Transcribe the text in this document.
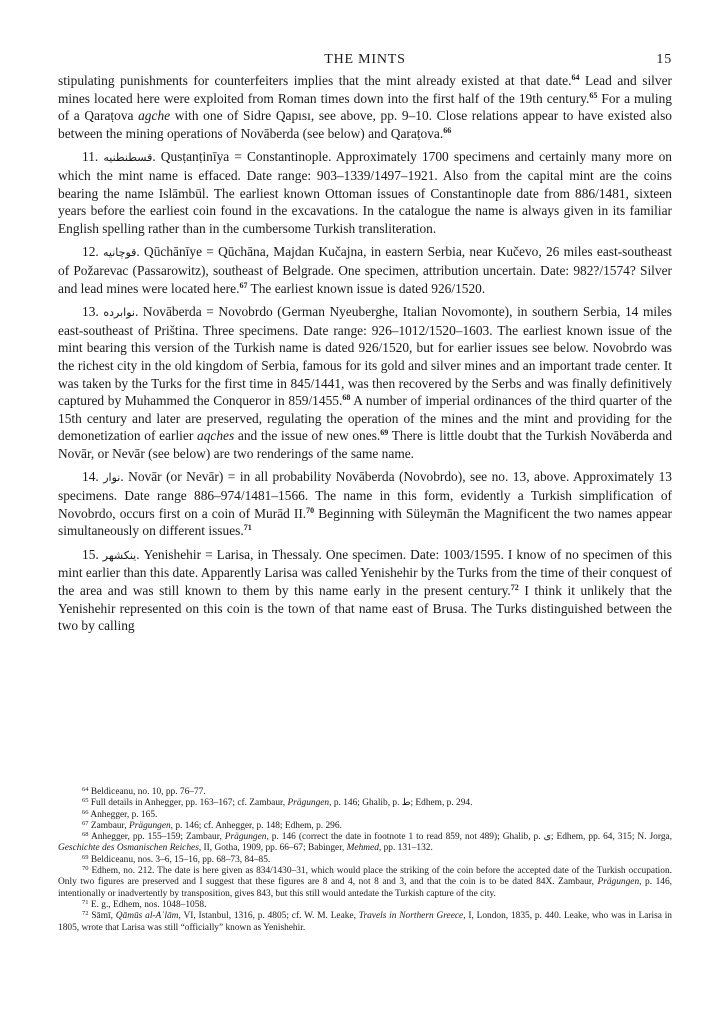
THE MINTS	15

stipulating punishments for counterfeiters implies that the mint already existed at that date.$^{64}$ Lead and silver mines located here were exploited from Roman times down into the first half of the 19th century.$^{65}$ For a muling of a Qaraṭova agche with one of Sidre Qapısı, see above, pp. 9–10. Close relations appear to have existed also between the mining operations of Novāberda (see below) and Qaraṭova.$^{66}$

11. قسطنطنيه. Qusṭanṭinīya = Constantinople. Approximately 1700 specimens and certainly many more on which the mint name is effaced. Date range: 903–1339/1497–1921. Also from the capital mint are the coins bearing the name Islāmbūl. The earliest known Ottoman issues of Constantinople date from 886/1481, sixteen years before the earliest coin found in the excavations. In the catalogue the name is always given in its familiar English spelling rather than in the cumbersome Turkish transliteration.

12. قوچانيه. Qūchānīye = Qūchāna, Majdan Kučajna, in eastern Serbia, near Kučevo, 26 miles east-southeast of Požarevac (Passarowitz), southeast of Belgrade. One specimen, attribution uncertain. Date: 982?/1574? Silver and lead mines were located here.$^{67}$ The earliest known issue is dated 926/1520.

13. نوابرده. Novāberda = Novobrdo (German Nyeuberghe, Italian Novomonte), in southern Serbia, 14 miles east-southeast of Priština. Three specimens. Date range: 926–1012/1520–1603. The earliest known issue of the mint bearing this version of the Turkish name is dated 926/1520, but for earlier issues see below. Novobrdo was the richest city in the old kingdom of Serbia, famous for its gold and silver mines and an important trade center. It was taken by the Turks for the first time in 845/1441, was then recovered by the Serbs and was finally definitively captured by Muhammed the Conqueror in 859/1455.68 A number of imperial ordinances of the third quarter of the 15th century and later are preserved, regulating the operation of the mines and the mint and providing for the demonetization of earlier aqches and the issue of new ones.$^{69}$ There is little doubt that the Turkish Novāberda and Novār, or Nevār (see below) are two renderings of the same name.

14. نوار. Novār (or Nevār) = in all probability Novāberda (Novobrdo), see no. 13, above. Approximately 13 specimens. Date range 886–974/1481–1566. The name in this form, evidently a Turkish simplification of Novobrdo, occurs first on a coin of Murād II.$^{70}$ Beginning with Süleymān the Magnificent the two names appear simultaneously on different issues.$^{71}$

15. ينكشهر. Yenishehir = Larisa, in Thessaly. One specimen. Date: 1003/1595. I know of no specimen of this mint earlier than this date. Apparently Larisa was called Yenishehir by the Turks from the time of their conquest of the area and was still known to them by this name early in the present century.$^{72}$ I think it unlikely that the Yenishehir represented on this coin is the town of that name east of Brusa. The Turks distinguished between the two by calling

$^{64}$ Beldiceanu, no. 10, pp. 76–77.
$^{65}$ Full details in Anhegger, pp. 163–167; cf. Zambaur, Prägungen, p. 146; Ghalib, p. ط; Edhem, p. 294.
$^{66}$ Anhegger, p. 165.
$^{67}$ Zambaur, Prägungen, p. 146; cf. Anhegger, p. 148; Edhem, p. 296.
$^{68}$ Anhegger, pp. 155–159; Zambaur, Prägungen, p. 146 (correct the date in footnote 1 to read 859, not 489); Ghalib, p. ى; Edhem, pp. 64, 315; N. Jorga, Geschichte des Osmanischen Reiches, II, Gotha, 1909, pp. 66–67; Babinger, Mehmed, pp. 131–132.
$^{69}$ Beldiceanu, nos. 3–6, 15–16, pp. 68–73, 84–85.
$^{70}$ Edhem, no. 212. The date is here given as 834/1430–31, which would place the striking of the coin before the accepted date of the Turkish occupation. Only two figures are preserved and I suggest that these figures are 8 and 4, not 8 and 3, and that the coin is to be dated 84X. Zambaur, Prägungen, p. 146, intentionally or inadvertently by transposition, gives 843, but this still would antedate the Turkish capture of the city.
$^{71}$ E. g., Edhem, nos. 1048–1058.
$^{72}$ Sāmī, Qāmūs al-Aʿlām, VI, Istanbul, 1316, p. 4805; cf. W. M. Leake, Travels in Northern Greece, I, London, 1835, p. 440. Leake, who was in Larisa in 1805, wrote that Larisa was still “officially” known as Yenishehir.
